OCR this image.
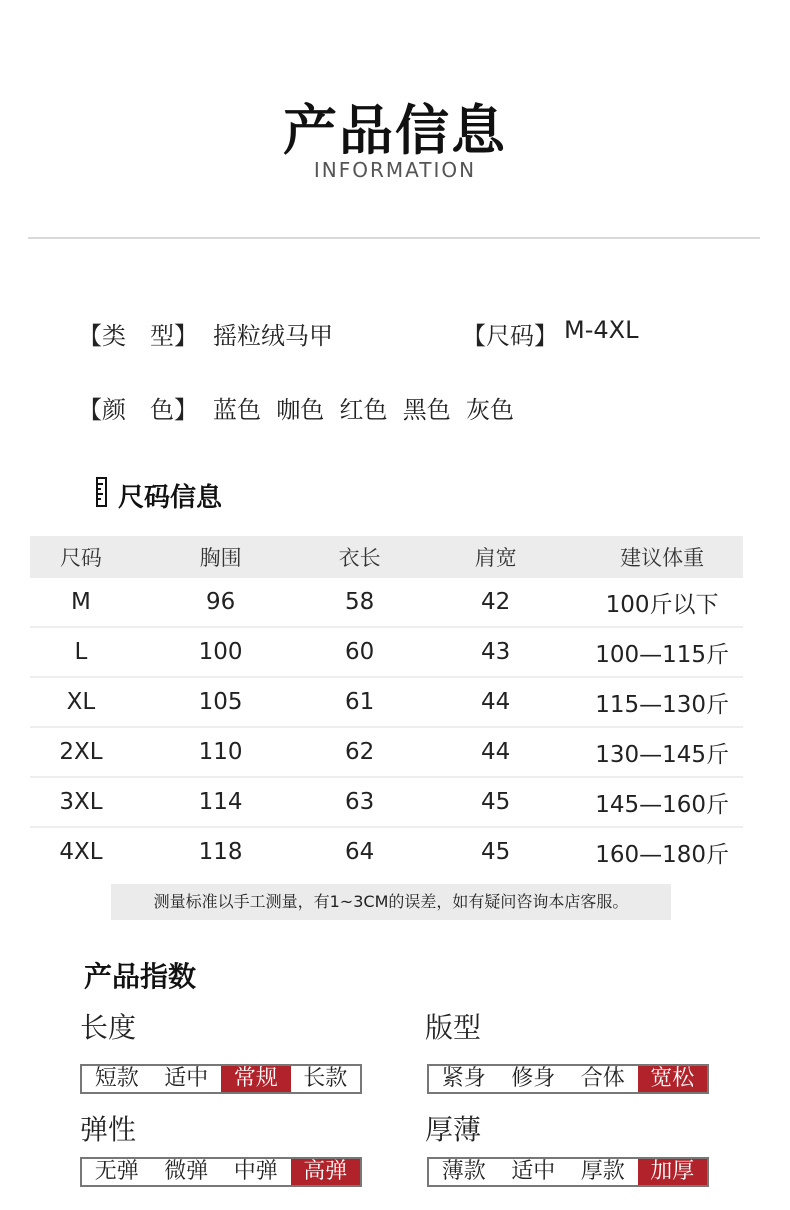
产品信息
INFORMATION
【类　型】 摇粒绒马甲	【尺码】 M-4XL
【颜　色】 蓝色  咖色  红色  黑色  灰色
尺码信息
尺码	胸围	衣长	肩宽	建议体重
M	96	58	42	100斤以下
L	100	60	43	100—115斤
XL	105	61	44	115—130斤
2XL	110	62	44	130—145斤
3XL	114	63	45	145—160斤
4XL	118	64	45	160—180斤
测量标准以手工测量，有1~3CM的误差，如有疑问咨询本店客服。
产品指数
长度
短款	适中	常规	长款
版型
紧身	修身	合体	宽松
弹性
无弹	微弹	中弹	高弹
厚薄
薄款	适中	厚款	加厚
